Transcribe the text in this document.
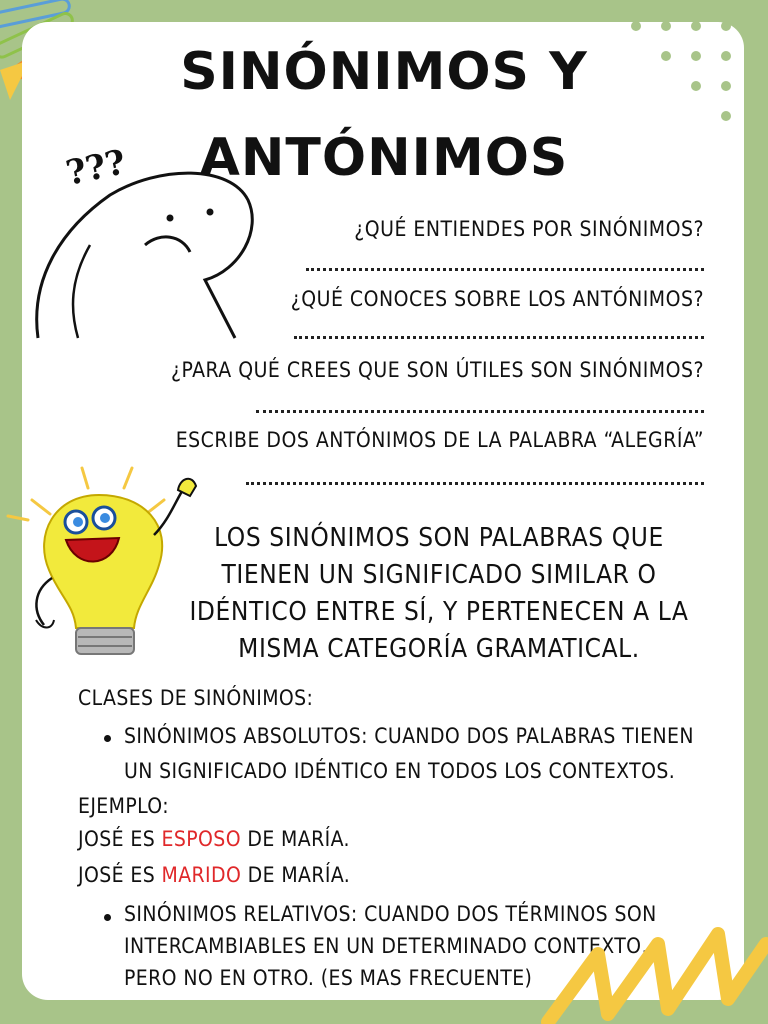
SINÓNIMOS Y
ANTÓNIMOS
???
¿QUÉ ENTIENDES POR SINÓNIMOS?
¿QUÉ CONOCES SOBRE LOS ANTÓNIMOS?
¿PARA QUÉ CREES QUE SON ÚTILES SON SINÓNIMOS?
ESCRIBE DOS ANTÓNIMOS DE LA PALABRA “ALEGRÍA”
LOS SINÓNIMOS SON PALABRAS QUE TIENEN UN SIGNIFICADO SIMILAR O IDÉNTICO ENTRE SÍ, Y PERTENECEN A LA MISMA CATEGORÍA GRAMATICAL.
CLASES DE SINÓNIMOS:
SINÓNIMOS ABSOLUTOS: CUANDO DOS PALABRAS TIENEN
UN SIGNIFICADO IDÉNTICO EN TODOS LOS CONTEXTOS.
EJEMPLO:
JOSÉ ES ESPOSO DE MARÍA.
JOSÉ ES MARIDO DE MARÍA.
SINÓNIMOS RELATIVOS: CUANDO DOS TÉRMINOS SON
INTERCAMBIABLES EN UN DETERMINADO CONTEXTO,
PERO NO EN OTRO. (ES MAS FRECUENTE)
